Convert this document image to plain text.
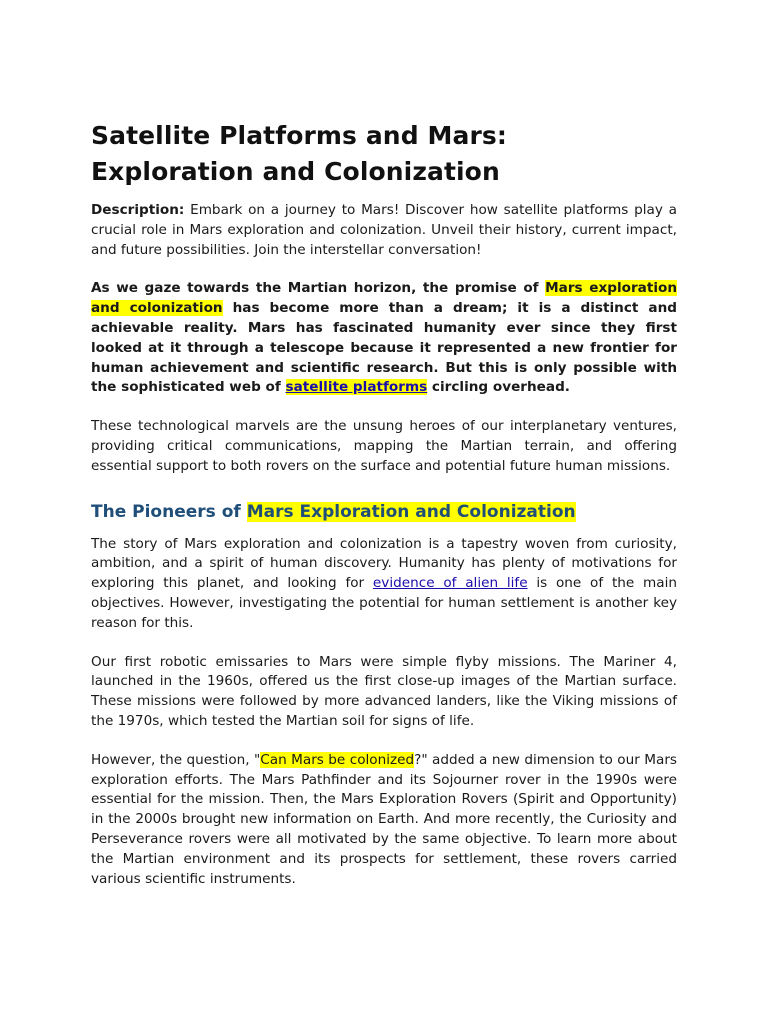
Satellite Platforms and Mars: Exploration and Colonization

Description: Embark on a journey to Mars! Discover how satellite platforms play a crucial role in Mars exploration and colonization. Unveil their history, current impact, and future possibilities. Join the interstellar conversation!

As we gaze towards the Martian horizon, the promise of Mars exploration and colonization has become more than a dream; it is a distinct and achievable reality. Mars has fascinated humanity ever since they first looked at it through a telescope because it represented a new frontier for human achievement and scientific research. But this is only possible with the sophisticated web of satellite platforms circling overhead.

These technological marvels are the unsung heroes of our interplanetary ventures, providing critical communications, mapping the Martian terrain, and offering essential support to both rovers on the surface and potential future human missions.

The Pioneers of Mars Exploration and Colonization

The story of Mars exploration and colonization is a tapestry woven from curiosity, ambition, and a spirit of human discovery. Humanity has plenty of motivations for exploring this planet, and looking for evidence of alien life is one of the main objectives. However, investigating the potential for human settlement is another key reason for this.

Our first robotic emissaries to Mars were simple flyby missions. The Mariner 4, launched in the 1960s, offered us the first close-up images of the Martian surface. These missions were followed by more advanced landers, like the Viking missions of the 1970s, which tested the Martian soil for signs of life.

However, the question, "Can Mars be colonized?" added a new dimension to our Mars exploration efforts. The Mars Pathfinder and its Sojourner rover in the 1990s were essential for the mission. Then, the Mars Exploration Rovers (Spirit and Opportunity) in the 2000s brought new information on Earth. And more recently, the Curiosity and Perseverance rovers were all motivated by the same objective. To learn more about the Martian environment and its prospects for settlement, these rovers carried various scientific instruments.
